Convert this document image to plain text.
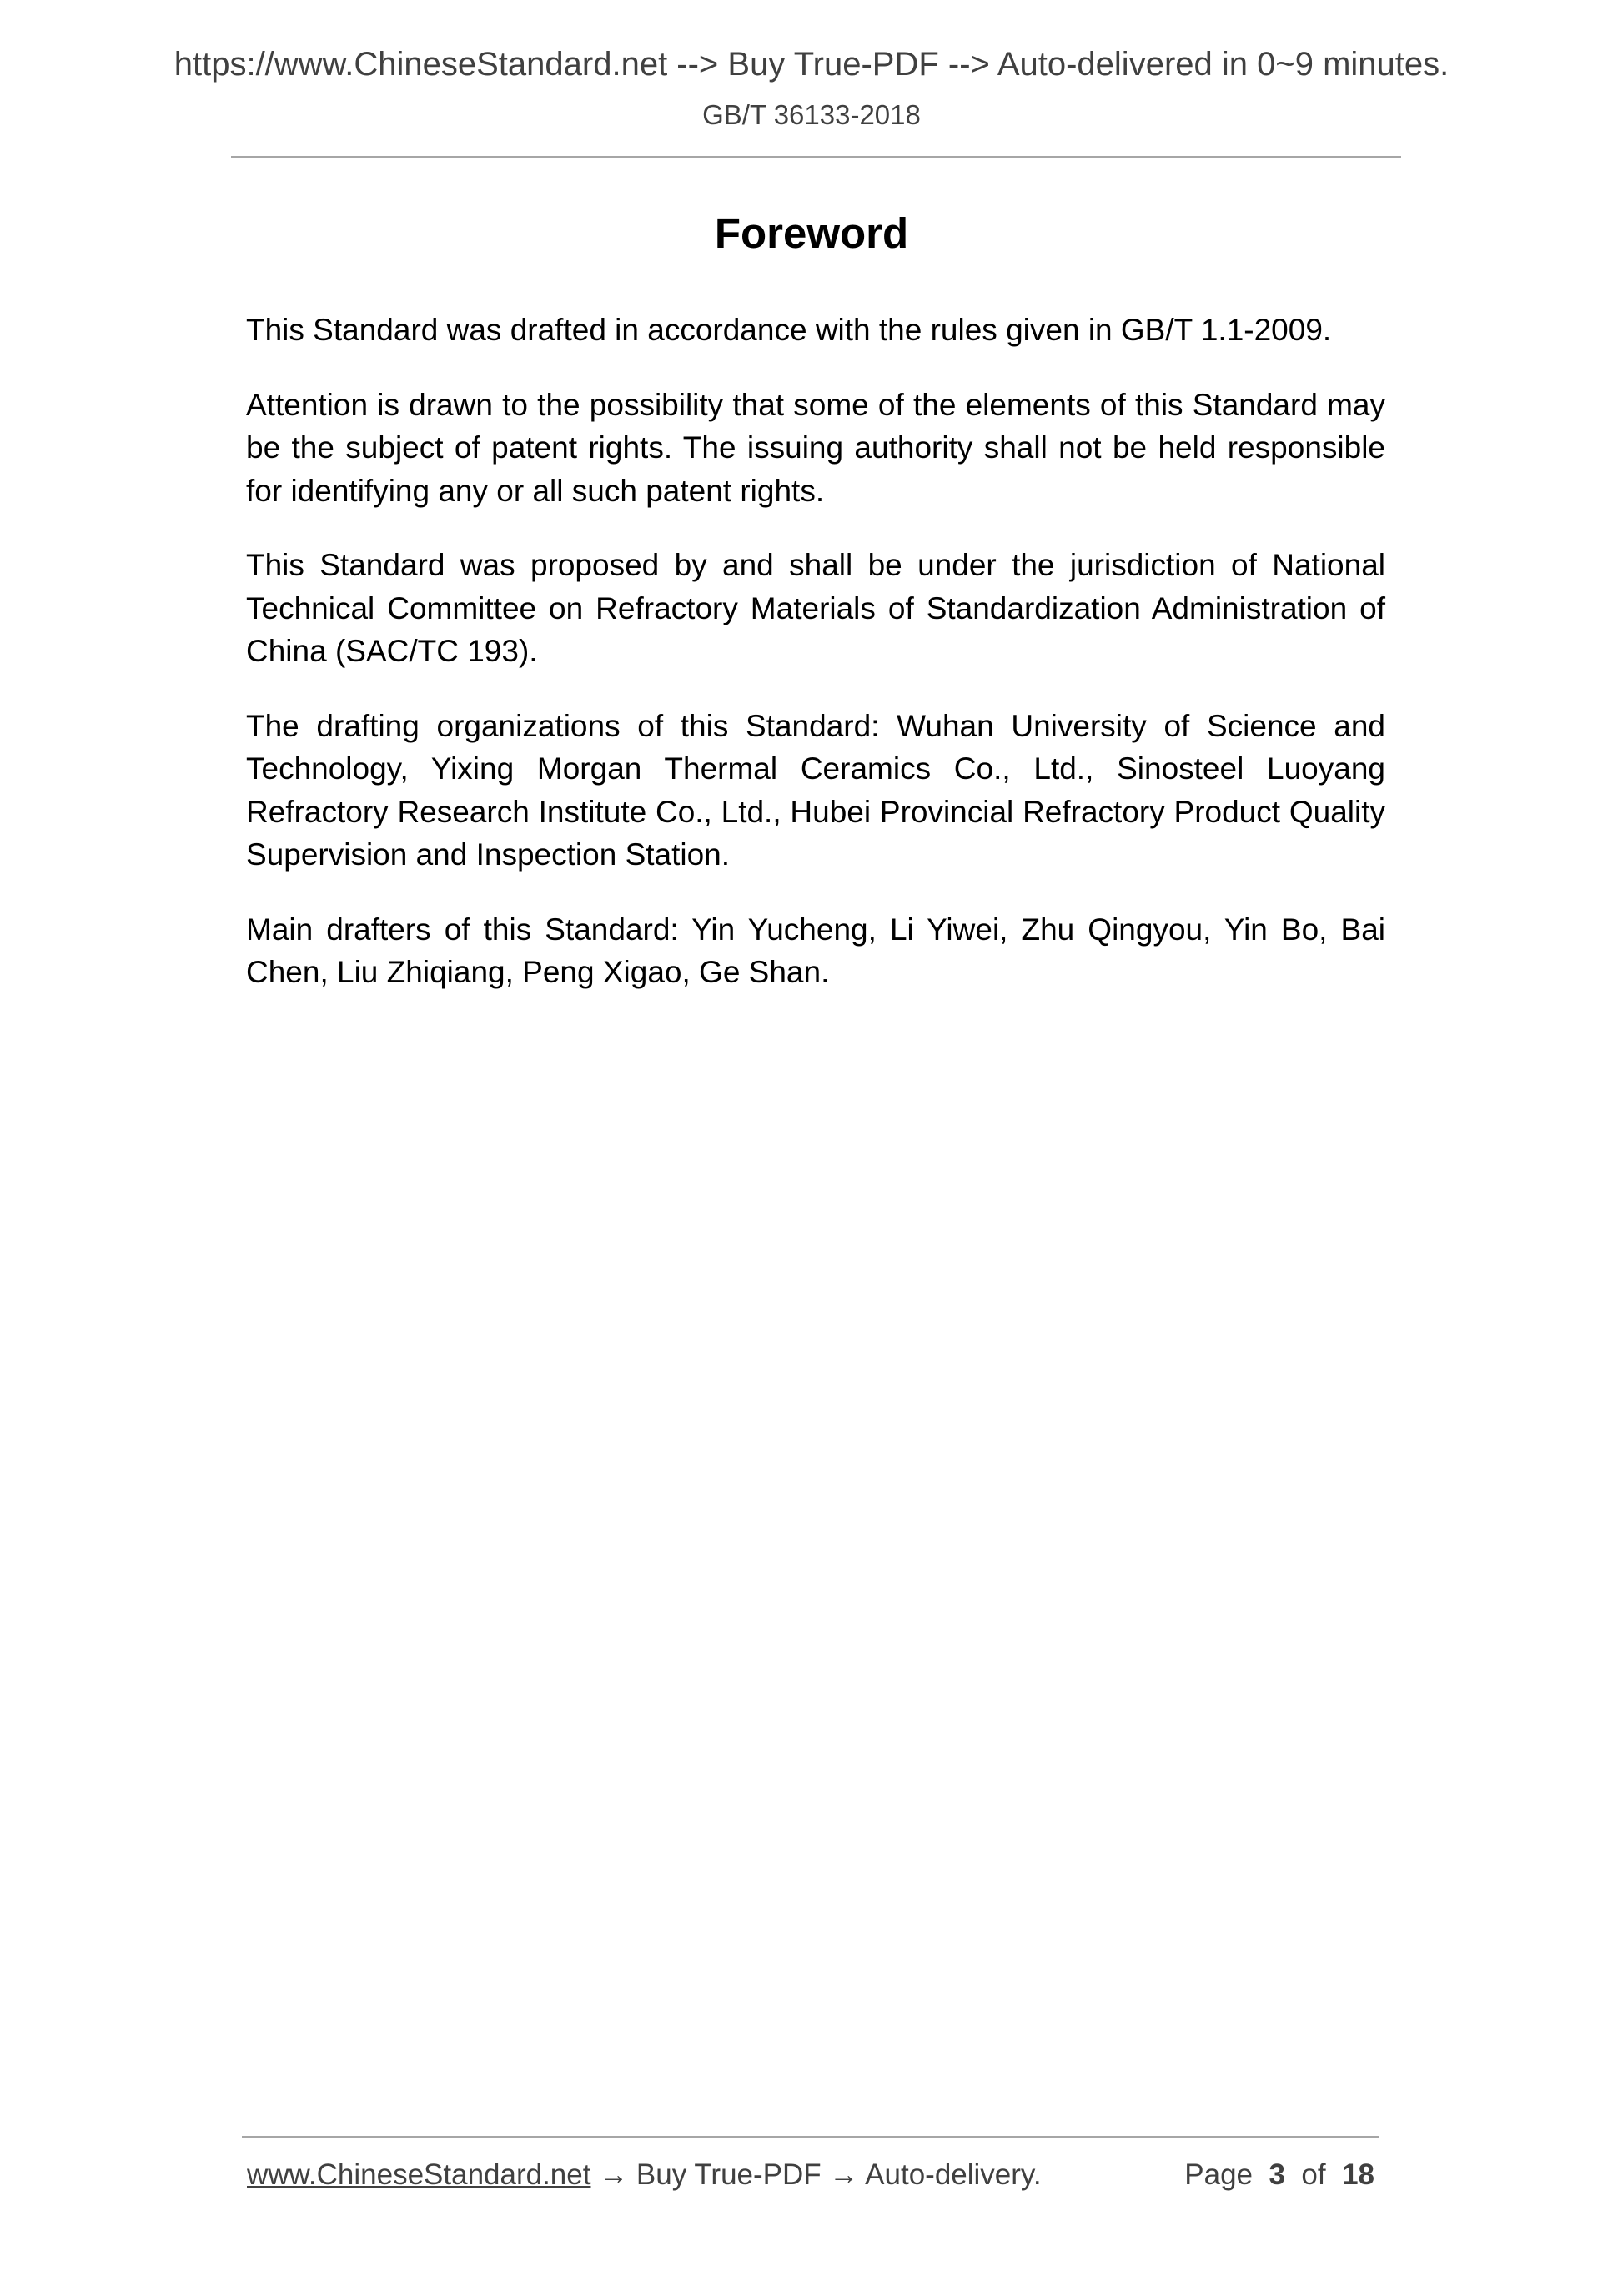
https://www.ChineseStandard.net --> Buy True-PDF --> Auto-delivered in 0~9 minutes.
GB/T 36133-2018
Foreword

This Standard was drafted in accordance with the rules given in GB/T 1.1-2009.

Attention is drawn to the possibility that some of the elements of this Standard may be the subject of patent rights. The issuing authority shall not be held responsible for identifying any or all such patent rights.

This Standard was proposed by and shall be under the jurisdiction of National Technical Committee on Refractory Materials of Standardization Administration of China (SAC/TC 193).

The drafting organizations of this Standard: Wuhan University of Science and Technology, Yixing Morgan Thermal Ceramics Co., Ltd., Sinosteel Luoyang Refractory Research Institute Co., Ltd., Hubei Provincial Refractory Product Quality Supervision and Inspection Station.

Main drafters of this Standard: Yin Yucheng, Li Yiwei, Zhu Qingyou, Yin Bo, Bai Chen, Liu Zhiqiang, Peng Xigao, Ge Shan.

www.ChineseStandard.net → Buy True-PDF → Auto-delivery.	Page 3 of 18
